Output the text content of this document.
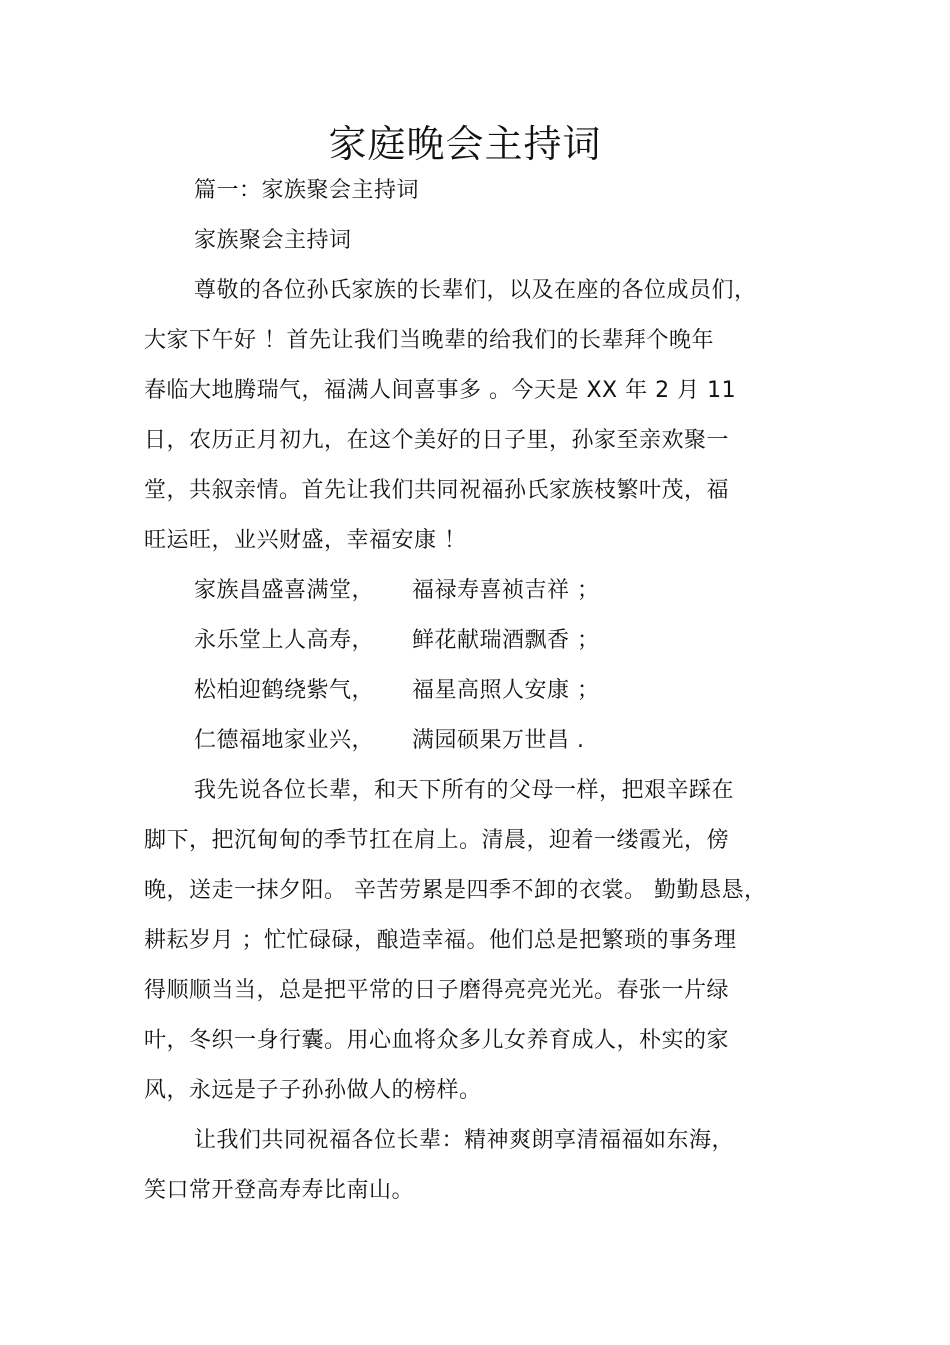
家庭晚会主持词
篇一：家族聚会主持词
家族聚会主持词
尊敬的各位孙氏家族的长辈们，以及在座的各位成员们，
大家下午好 ！首先让我们当晚辈的给我们的长辈拜个晚年
春临大地腾瑞气，福满人间喜事多 。今天是 XX 年 2 月 11
日，农历正月初九，在这个美好的日子里，孙家至亲欢聚一
堂，共叙亲情。首先让我们共同祝福孙氏家族枝繁叶茂，福
旺运旺，业兴财盛，幸福安康 ！
家族昌盛喜满堂， 福禄寿喜祯吉祥 ；
永乐堂上人高寿， 鲜花献瑞酒飘香 ；
松柏迎鹤绕紫气， 福星高照人安康 ；
仁德福地家业兴， 满园硕果万世昌 .
我先说各位长辈，和天下所有的父母一样，把艰辛踩在
脚下，把沉甸甸的季节扛在肩上。清晨，迎着一缕霞光，傍
晚，送走一抹夕阳。 辛苦劳累是四季不卸的衣裳。 勤勤恳恳，
耕耘岁月 ；忙忙碌碌，酿造幸福。他们总是把繁琐的事务理
得顺顺当当，总是把平常的日子磨得亮亮光光。春张一片绿
叶，冬织一身行囊。用心血将众多儿女养育成人，朴实的家
风，永远是子子孙孙做人的榜样。
让我们共同祝福各位长辈：精神爽朗享清福福如东海，
笑口常开登高寿寿比南山。
